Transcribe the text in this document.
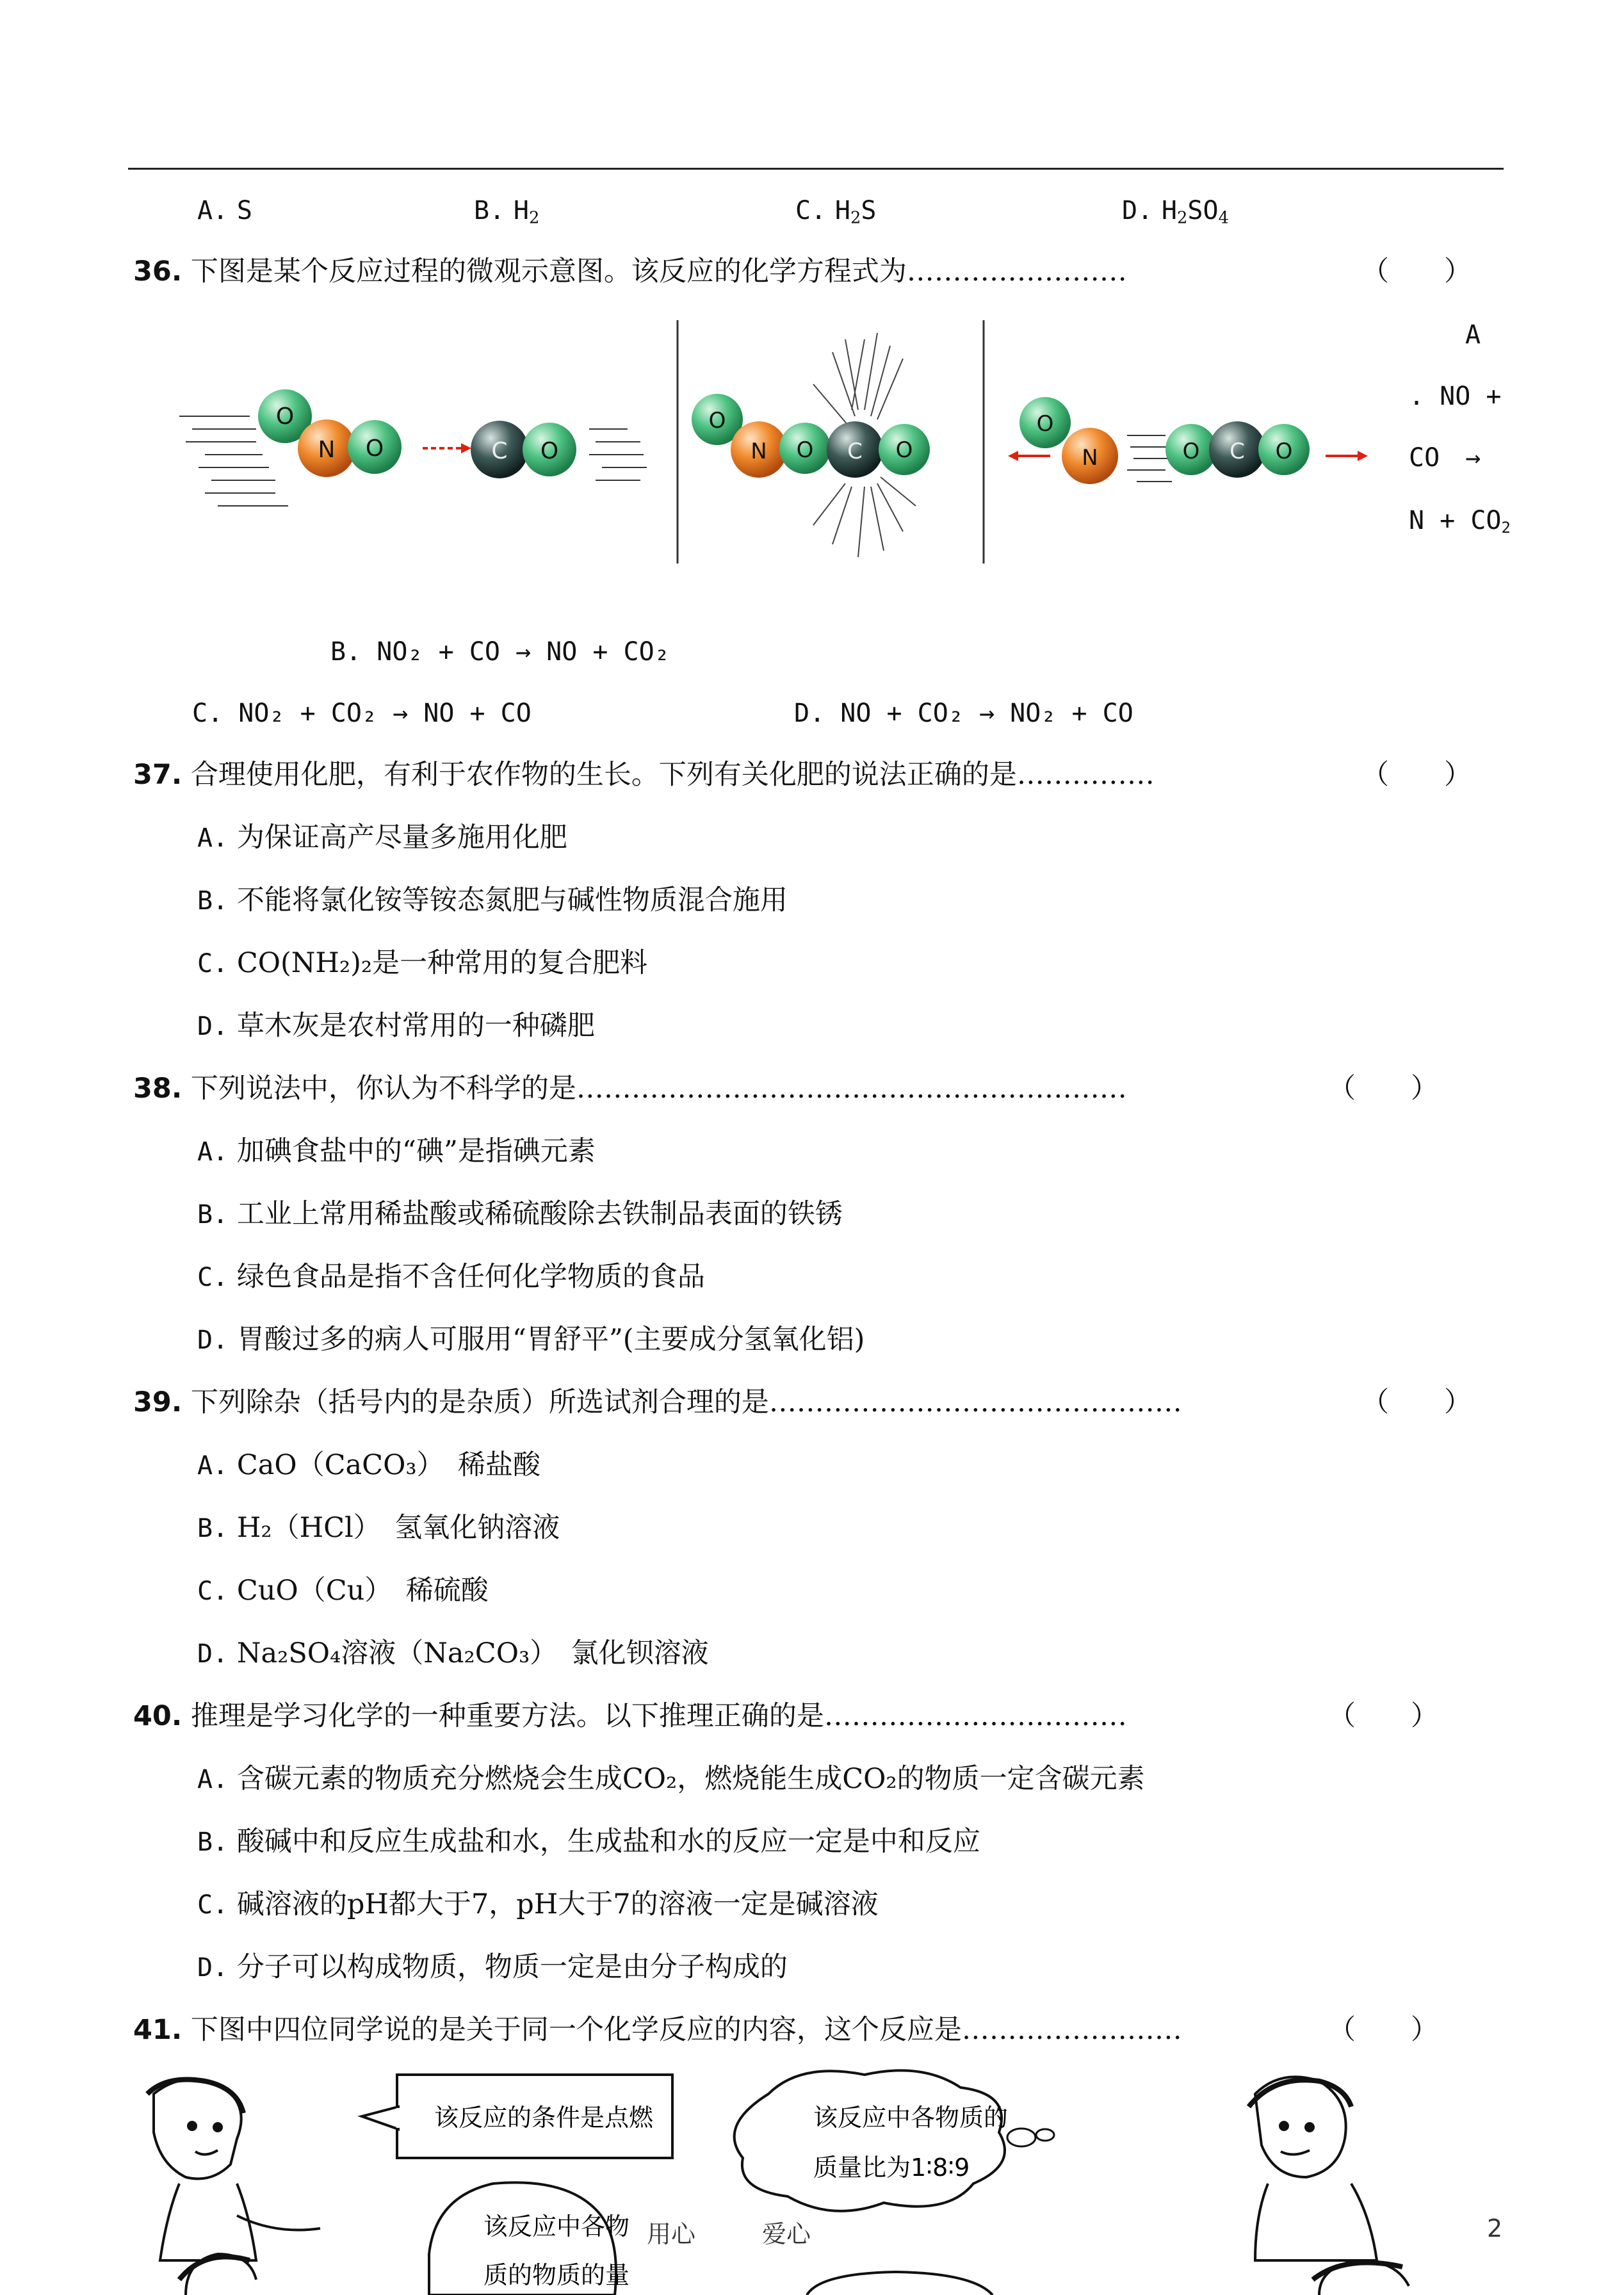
A. S	B. $H_2$	C. $H_2S$	D. $H_2SO_4$
36. 下图是某个反应过程的微观示意图。该反应的化学方程式为……………………	（　　）
O
N O	C O
O
N O C O
O
N	O C O
A
. NO +
CO　→
$N + CO_2$
B. NO₂ + CO → NO + CO₂
C. NO₂ + CO₂ → NO + CO	D. NO + CO₂ → NO₂ + CO
37. 合理使用化肥，有利于农作物的生长。下列有关化肥的说法正确的是……………	（　　）
A. 为保证高产尽量多施用化肥
B. 不能将氯化铵等铵态氮肥与碱性物质混合施用
C. CO(NH₂)₂是一种常用的复合肥料
D. 草木灰是农村常用的一种磷肥
38. 下列说法中，你认为不科学的是……………………………………………………	（　　）
A. 加碘食盐中的“碘”是指碘元素
B. 工业上常用稀盐酸或稀硫酸除去铁制品表面的铁锈
C. 绿色食品是指不含任何化学物质的食品
D. 胃酸过多的病人可服用“胃舒平”(主要成分氢氧化铝)
39. 下列除杂（括号内的是杂质）所选试剂合理的是………………………………………	（　　）
A. CaO（CaCO₃）　稀盐酸
B. H₂（HCl）　氢氧化钠溶液
C. CuO（Cu）　稀硫酸
D. Na₂SO₄溶液（Na₂CO₃）　氯化钡溶液
40. 推理是学习化学的一种重要方法。以下推理正确的是……………………………	（　　）
A. 含碳元素的物质充分燃烧会生成CO₂，燃烧能生成CO₂的物质一定含碳元素
B. 酸碱中和反应生成盐和水，生成盐和水的反应一定是中和反应
C. 碱溶液的pH都大于7，pH大于7的溶液一定是碱溶液
D. 分子可以构成物质，物质一定是由分子构成的
41. 下图中四位同学说的是关于同一个化学反应的内容，这个反应是……………………	（　　）
该反应的条件是点燃	该反应中各物质的
质量比为1∶8∶9
该反应中各物
质的物质的量
用心	爱心	2
